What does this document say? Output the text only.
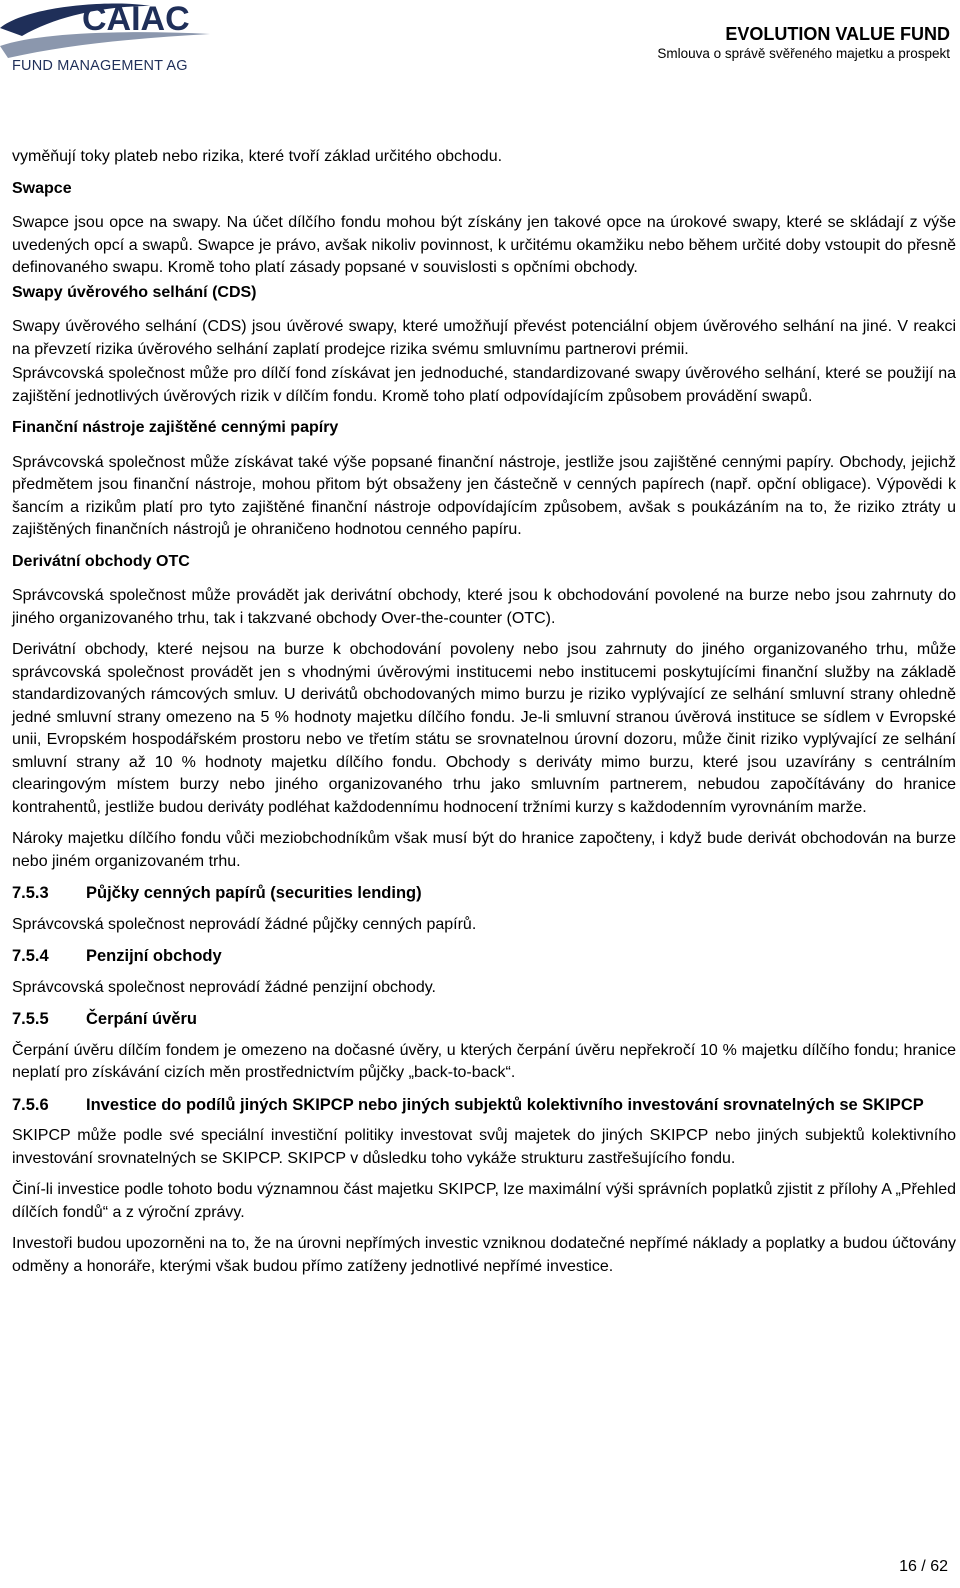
CAIAC
FUND MANAGEMENT AG
EVOLUTION VALUE FUND
Smlouva o správě svěřeného majetku a prospekt

vyměňují toky plateb nebo rizika, které tvoří základ určitého obchodu.

Swapce

Swapce jsou opce na swapy. Na účet dílčího fondu mohou být získány jen takové opce na úrokové swapy, které se skládají z výše uvedených opcí a swapů. Swapce je právo, avšak nikoliv povinnost, k určitému okamžiku nebo během určité doby vstoupit do přesně definovaného swapu. Kromě toho platí zásady popsané v souvislosti s opčními obchody.

Swapy úvěrového selhání (CDS)

Swapy úvěrového selhání (CDS) jsou úvěrové swapy, které umožňují převést potenciální objem úvěrového selhání na jiné. V reakci na převzetí rizika úvěrového selhání zaplatí prodejce rizika svému smluvnímu partnerovi prémii.

Správcovská společnost může pro dílčí fond získávat jen jednoduché, standardizované swapy úvěrového selhání, které se použijí na zajištění jednotlivých úvěrových rizik v dílčím fondu. Kromě toho platí odpovídajícím způsobem provádění swapů.

Finanční nástroje zajištěné cennými papíry

Správcovská společnost může získávat také výše popsané finanční nástroje, jestliže jsou zajištěné cennými papíry. Obchody, jejichž předmětem jsou finanční nástroje, mohou přitom být obsaženy jen částečně v cenných papírech (např. opční obligace). Výpovědi k šancím a rizikům platí pro tyto zajištěné finanční nástroje odpovídajícím způsobem, avšak s poukázáním na to, že riziko ztráty u zajištěných finančních nástrojů je ohraničeno hodnotou cenného papíru.

Derivátní obchody OTC

Správcovská společnost může provádět jak derivátní obchody, které jsou k obchodování povolené na burze nebo jsou zahrnuty do jiného organizovaného trhu, tak i takzvané obchody Over-the-counter (OTC).

Derivátní obchody, které nejsou na burze k obchodování povoleny nebo jsou zahrnuty do jiného organizovaného trhu, může správcovská společnost provádět jen s vhodnými úvěrovými institucemi nebo institucemi poskytujícími finanční služby na základě standardizovaných rámcových smluv. U derivátů obchodovaných mimo burzu je riziko vyplývající ze selhání smluvní strany ohledně jedné smluvní strany omezeno na 5 % hodnoty majetku dílčího fondu. Je-li smluvní stranou úvěrová instituce se sídlem v Evropské unii, Evropském hospodářském prostoru nebo ve třetím státu se srovnatelnou úrovní dozoru, může činit riziko vyplývající ze selhání smluvní strany až 10 % hodnoty majetku dílčího fondu. Obchody s deriváty mimo burzu, které jsou uzavírány s centrálním clearingovým místem burzy nebo jiného organizovaného trhu jako smluvním partnerem, nebudou započítávány do hranice kontrahentů, jestliže budou deriváty podléhat každodennímu hodnocení tržními kurzy s každodenním vyrovnáním marže.

Nároky majetku dílčího fondu vůči meziobchodníkům však musí být do hranice započteny, i když bude derivát obchodován na burze nebo jiném organizovaném trhu.

7.5.3	Půjčky cenných papírů (securities lending)

Správcovská společnost neprovádí žádné půjčky cenných papírů.

7.5.4	Penzijní obchody

Správcovská společnost neprovádí žádné penzijní obchody.

7.5.5	Čerpání úvěru

Čerpání úvěru dílčím fondem je omezeno na dočasné úvěry, u kterých čerpání úvěru nepřekročí 10 % majetku dílčího fondu; hranice neplatí pro získávání cizích měn prostřednictvím půjčky „back-to-back“.

7.5.6	Investice do podílů jiných SKIPCP nebo jiných subjektů kolektivního investování srovnatelných se SKIPCP

SKIPCP může podle své speciální investiční politiky investovat svůj majetek do jiných SKIPCP nebo jiných subjektů kolektivního investování srovnatelných se SKIPCP. SKIPCP v důsledku toho vykáže strukturu zastřešujícího fondu.

Činí-li investice podle tohoto bodu významnou část majetku SKIPCP, lze maximální výši správních poplatků zjistit z přílohy A „Přehled dílčích fondů“ a z výroční zprávy.

Investoři budou upozorněni na to, že na úrovni nepřímých investic vzniknou dodatečné nepřímé náklady a poplatky a budou účtovány odměny a honoráře, kterými však budou přímo zatíženy jednotlivé nepřímé investice.

16 / 62
